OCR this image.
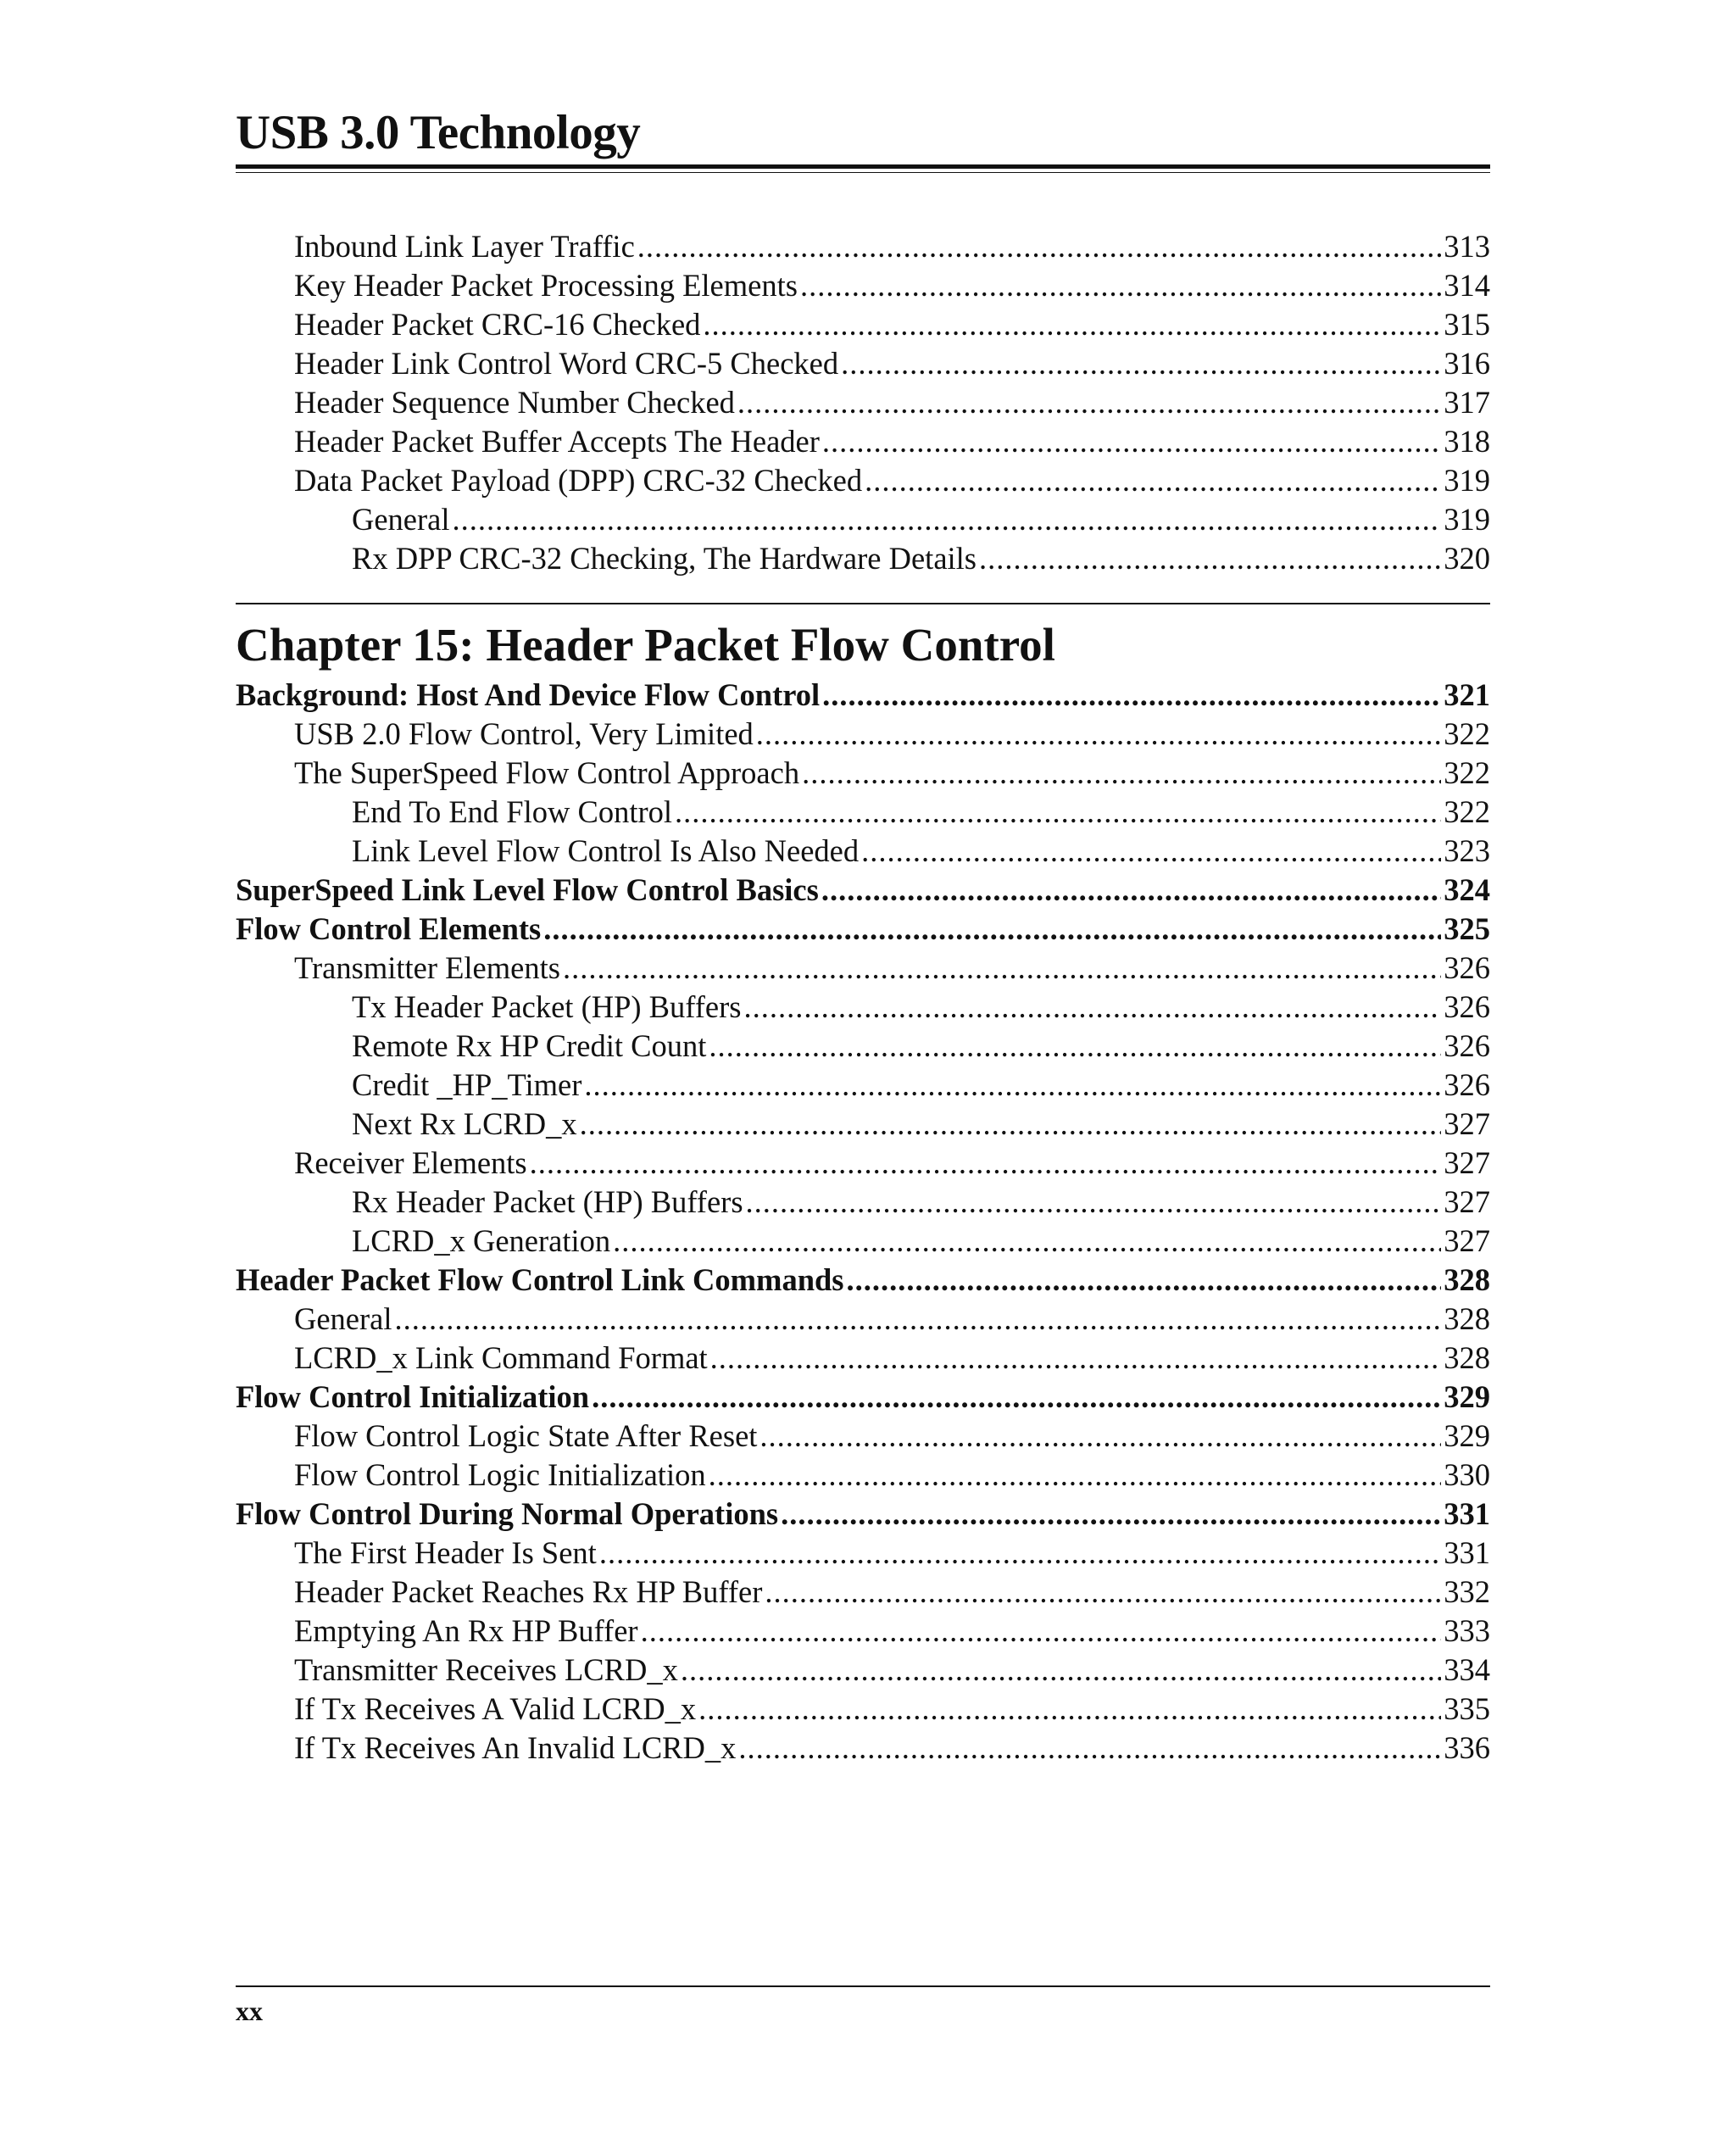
USB 3.0 Technology
Inbound Link Layer Traffic .....	313
Key Header Packet Processing Elements .....	314
Header Packet CRC-16 Checked .....	315
Header Link Control Word CRC-5 Checked .....	316
Header Sequence Number Checked .....	317
Header Packet Buffer Accepts The Header .....	318
Data Packet Payload (DPP) CRC-32 Checked .....	319
General .....	319
Rx DPP CRC-32 Checking, The Hardware Details .....	320
Chapter 15: Header Packet Flow Control
Background: Host And Device Flow Control .....	321
USB 2.0 Flow Control, Very Limited .....	322
The SuperSpeed Flow Control Approach .....	322
End To End Flow Control .....	322
Link Level Flow Control Is Also Needed .....	323
SuperSpeed Link Level Flow Control Basics .....	324
Flow Control Elements .....	325
Transmitter Elements .....	326
Tx Header Packet (HP) Buffers .....	326
Remote Rx HP Credit Count .....	326
Credit _HP_Timer .....	326
Next Rx LCRD_x .....	327
Receiver Elements .....	327
Rx Header Packet (HP) Buffers .....	327
LCRD_x Generation .....	327
Header Packet Flow Control Link Commands .....	328
General .....	328
LCRD_x Link Command Format .....	328
Flow Control Initialization .....	329
Flow Control Logic State After Reset .....	329
Flow Control Logic Initialization .....	330
Flow Control During Normal Operations .....	331
The First Header Is Sent .....	331
Header Packet Reaches Rx HP Buffer .....	332
Emptying An Rx HP Buffer .....	333
Transmitter Receives LCRD_x .....	334
If Tx Receives A Valid LCRD_x .....	335
If Tx Receives An Invalid LCRD_x .....	336
xx
